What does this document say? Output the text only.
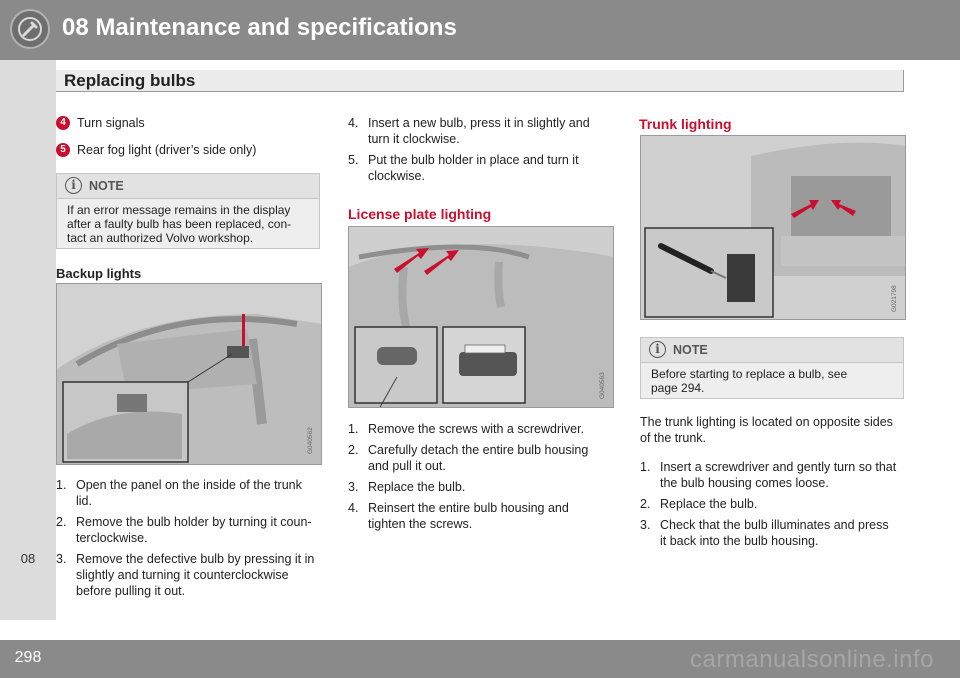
08 Maintenance and specifications
08
Replacing bulbs
4 Turn signals
5 Rear fog light (driver’s side only)
i	NOTE
If an error message remains in the display
after a faulty bulb has been replaced, con-
tact an authorized Volvo workshop.
Backup lights
G040562
1. Open the panel on the inside of the trunk
lid.
2. Remove the bulb holder by turning it coun-
terclockwise.
3. Remove the defective bulb by pressing it in
slightly and turning it counterclockwise
before pulling it out.
4. Insert a new bulb, press it in slightly and
turn it clockwise.
5. Put the bulb holder in place and turn it
clockwise.
License plate lighting
G040563
1. Remove the screws with a screwdriver.
2. Carefully detach the entire bulb housing
and pull it out.
3. Replace the bulb.
4. Reinsert the entire bulb housing and
tighten the screws.
Trunk lighting
G021798
i	NOTE
Before starting to replace a bulb, see
page 294.
The trunk lighting is located on opposite sides
of the trunk.
1. Insert a screwdriver and gently turn so that
the bulb housing comes loose.
2. Replace the bulb.
3. Check that the bulb illuminates and press
it back into the bulb housing.
298	carmanualsonline.info
